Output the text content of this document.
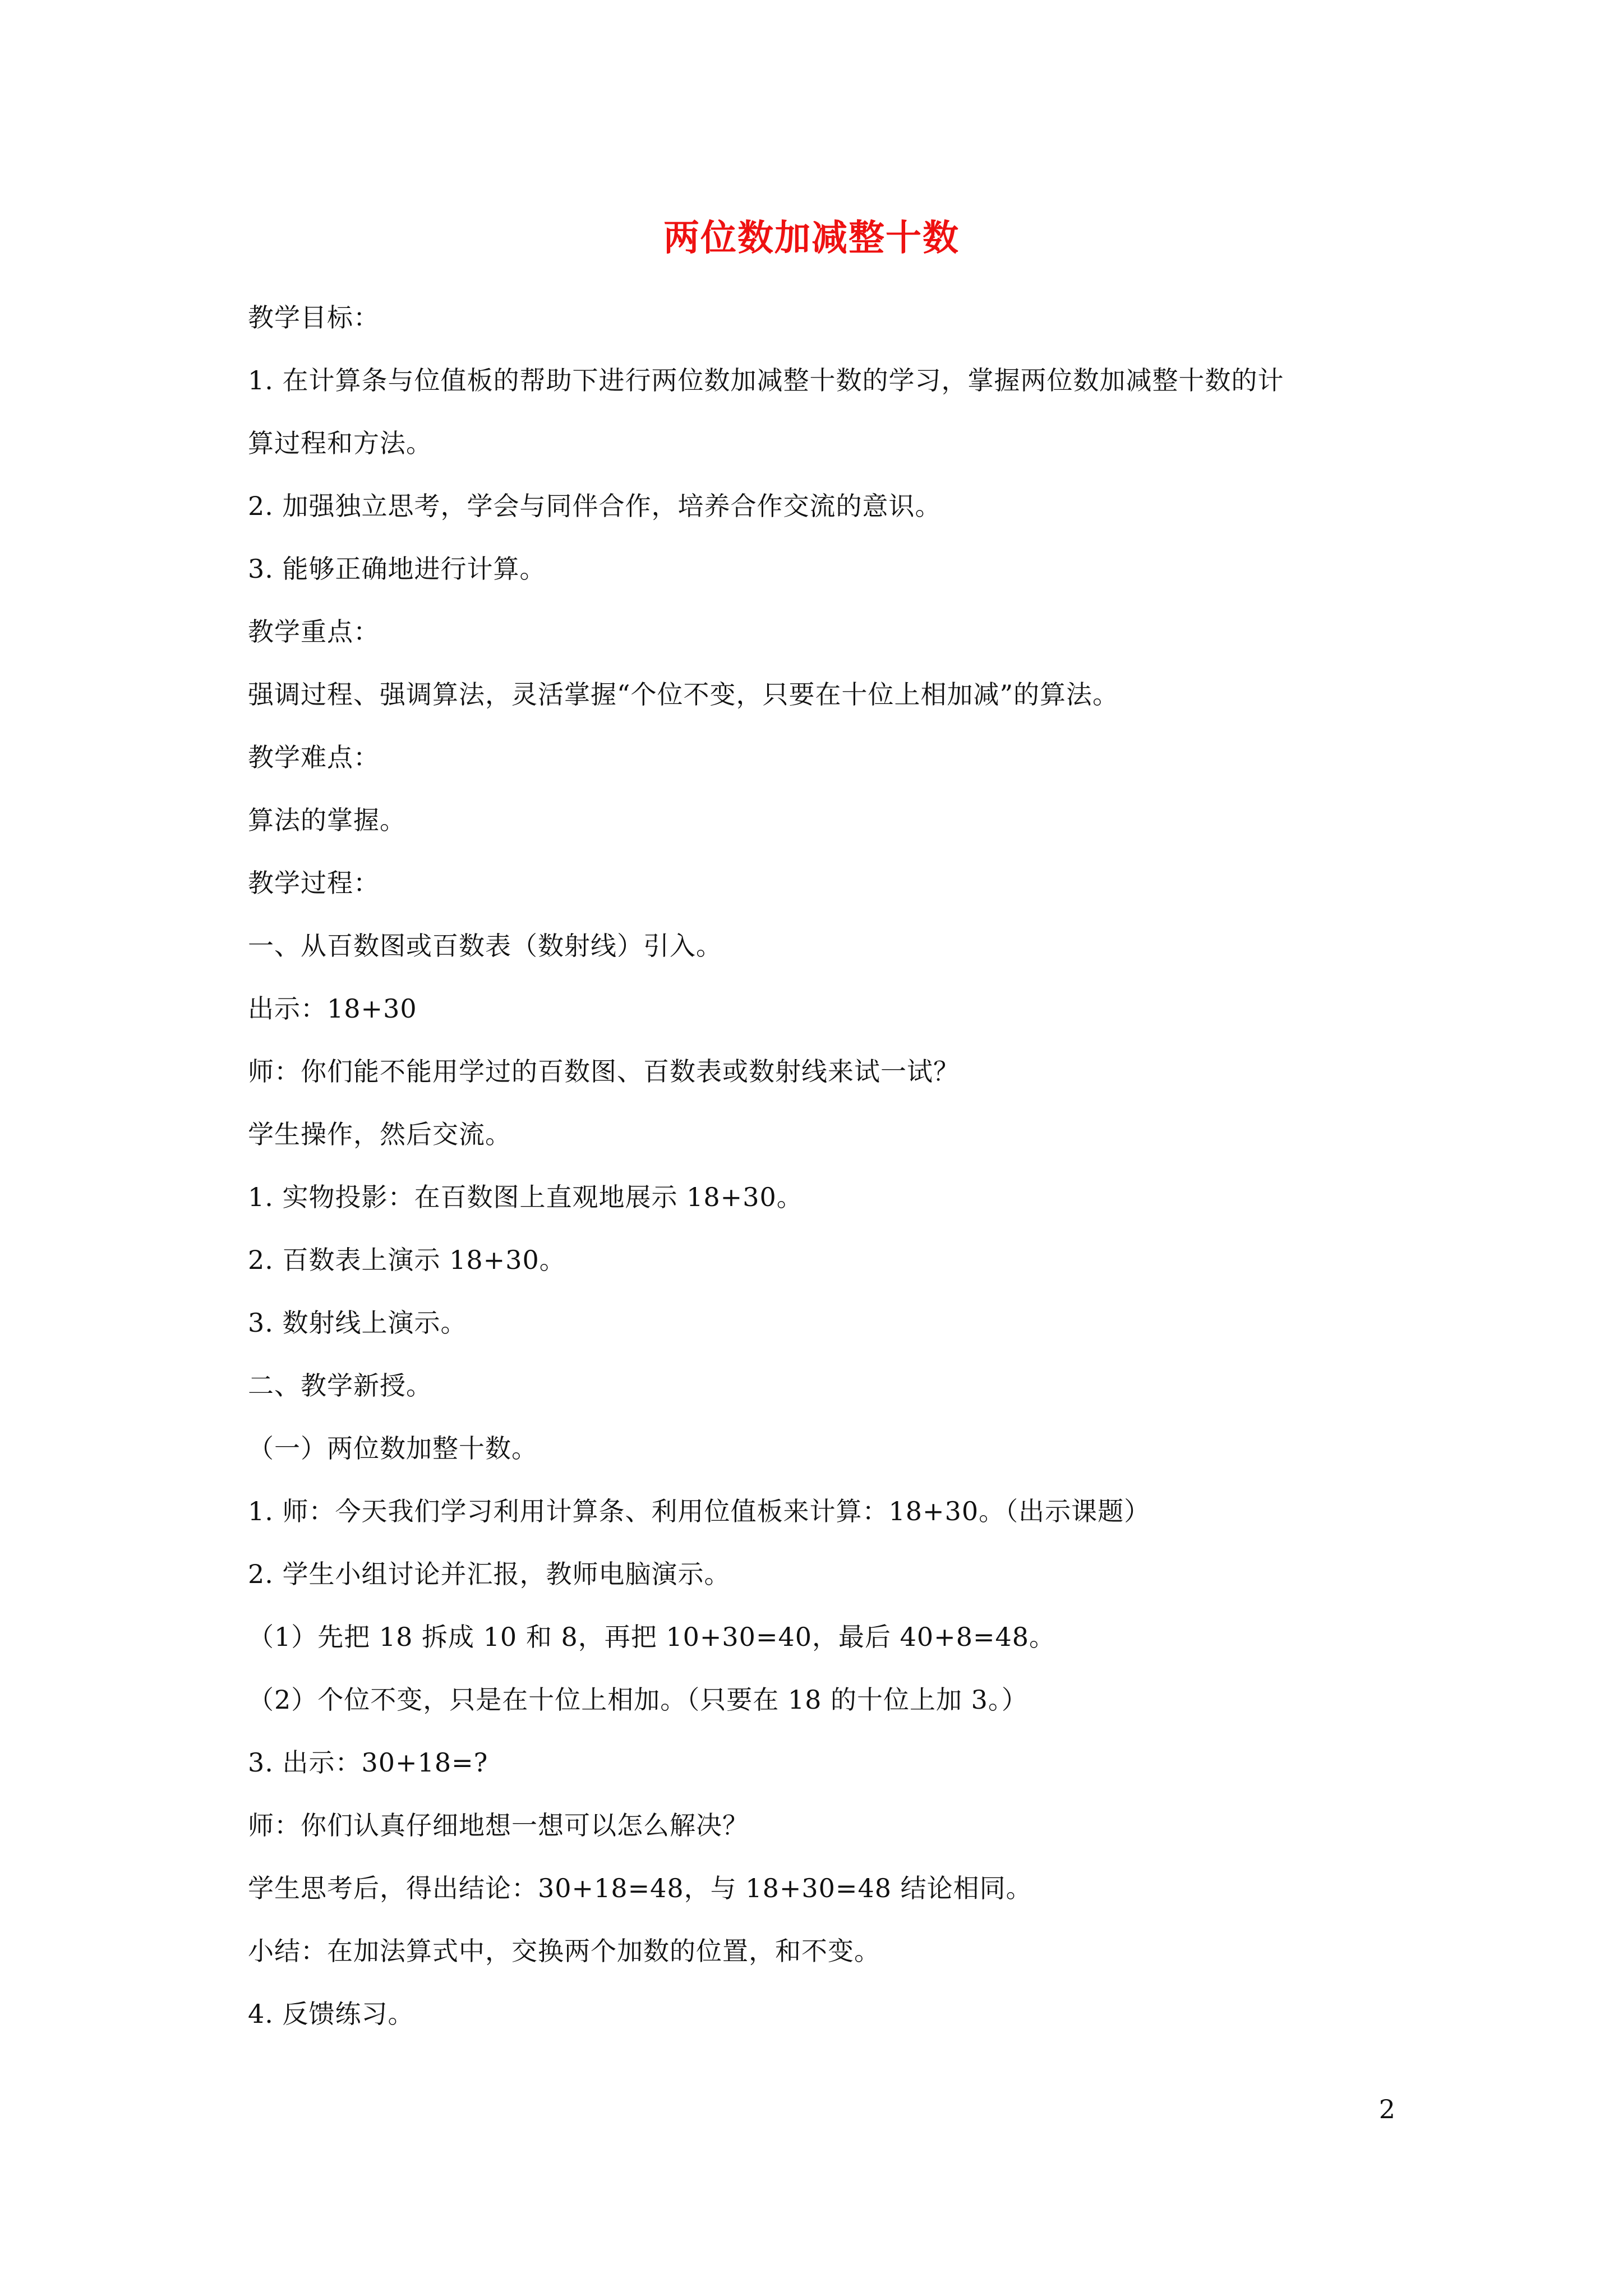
两位数加减整十数
教学目标：
1. 在计算条与位值板的帮助下进行两位数加减整十数的学习，掌握两位数加减整十数的计
算过程和方法。
2. 加强独立思考，学会与同伴合作，培养合作交流的意识。
3. 能够正确地进行计算。
教学重点：
强调过程、强调算法，灵活掌握“个位不变，只要在十位上相加减”的算法。
教学难点：
算法的掌握。
教学过程：
一、从百数图或百数表（数射线）引入。
出示：18+30
师：你们能不能用学过的百数图、百数表或数射线来试一试？
学生操作，然后交流。
1. 实物投影：在百数图上直观地展示 18+30。
2. 百数表上演示 18+30。
3. 数射线上演示。
二、教学新授。
（一）两位数加整十数。
1. 师：今天我们学习利用计算条、利用位值板来计算：18+30。（出示课题）
2. 学生小组讨论并汇报，教师电脑演示。
（1）先把 18 拆成 10 和 8，再把 10+30=40，最后 40+8=48。
（2）个位不变，只是在十位上相加。（只要在 18 的十位上加 3。）
3. 出示：30+18=?
师：你们认真仔细地想一想可以怎么解决？
学生思考后，得出结论：30+18=48，与 18+30=48 结论相同。
小结：在加法算式中，交换两个加数的位置，和不变。
4. 反馈练习。
2
